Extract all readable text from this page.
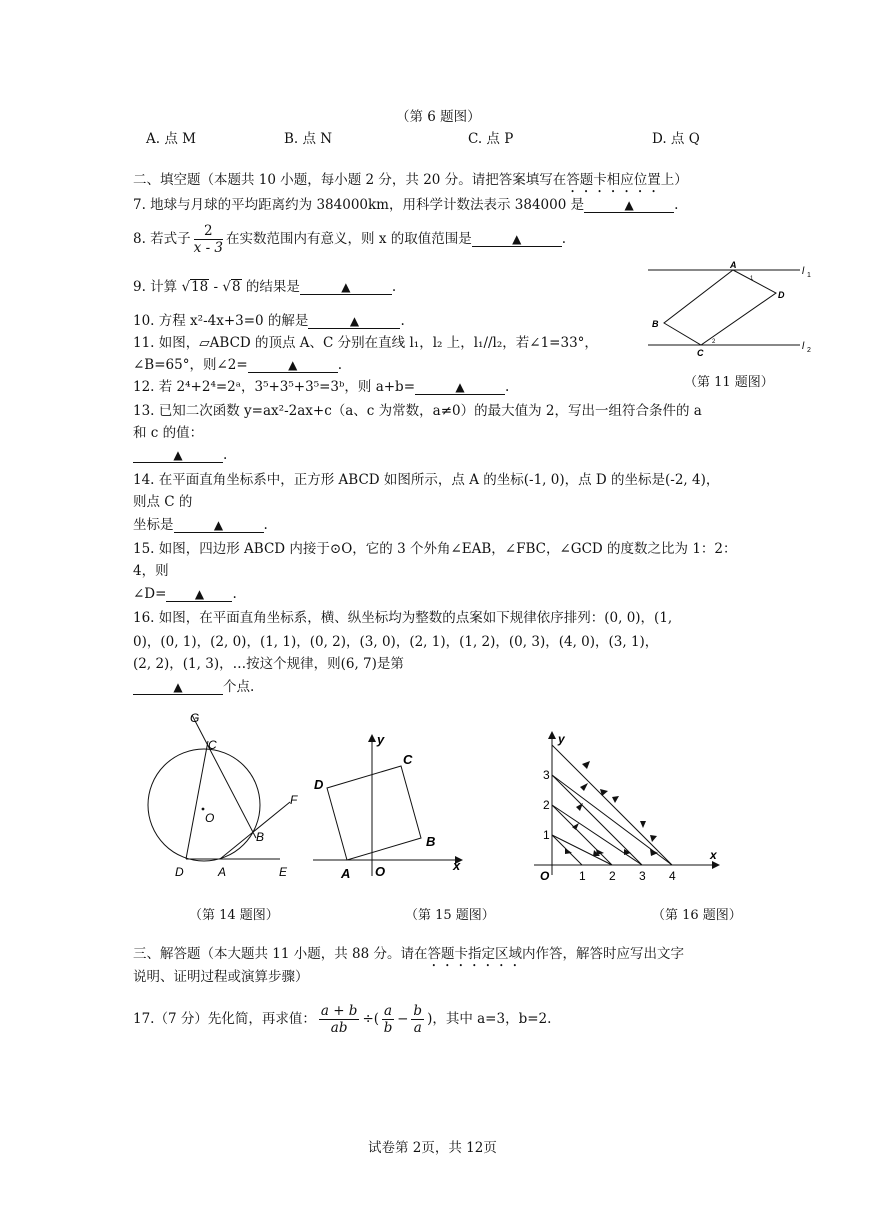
（第 6 题图）
A. 点 M	B. 点 N	C. 点 P	D. 点 Q
二、填空题（本题共 10 小题，每小题 2 分，共 20 分。请把答案填写在答题卡相应位置上）
7. 地球与月球的平均距离约为 384000km，用科学计数法表示 384000 是	▲	.
8. 若式子 $\frac{2}{x - 3}$ 在实数范围内有意义，则 x 的取值范围是	▲	.
9. 计算 √18 - √8 的结果是	▲	.
10. 方程 x²-4x+3=0 的解是	▲	.
11. 如图，▱ABCD 的顶点 A、C 分别在直线 l₁，l₂ 上，l₁//l₂，若∠1=33°，
∠B=65°，则∠2=	▲	.
12. 若 2⁴+2⁴=2ᵃ，3⁵+3⁵+3⁵=3ᵇ，则 a+b=	▲	.
13. 已知二次函数 y=ax²-2ax+c（a、c 为常数，a≠0）的最大值为 2，写出一组符合条件的 a
和 c 的值：
▲	.
14. 在平面直角坐标系中，正方形 ABCD 如图所示，点 A 的坐标(-1, 0)，点 D 的坐标是(-2, 4)，
则点 C 的
坐标是	▲	.
15. 如图，四边形 ABCD 内接于⊙O，它的 3 个外角∠EAB，∠FBC，∠GCD 的度数之比为 1：2：
4，则
∠D= ▲ .
16. 如图，在平面直角坐标系，横、纵坐标均为整数的点案如下规律依序排列：(0, 0)，(1,
0)，(0, 1)，(2, 0)，(1, 1)，(0, 2)，(3, 0)，(2, 1)，(1, 2)，(0, 3)，(4, 0)，(3, 1)，
(2, 2)，(1, 3)，…按这个规律，则(6, 7)是第
▲	个点.
A
D
B
C
1
2
l 1
l 2
（第 11 题图）
G
C
F
O
B
D	A	E
（第 14 题图）
y
x
C
D
B
A O
（第 15 题图）
y
x
O 1 2 3 4
1
2
3
（第 16 题图）
三、解答题（本大题共 11 小题，共 88 分。请在答题卡指定区域内作答，解答时应写出文字
说明、证明过程或演算步骤）
17.（7 分）先化简，再求值： $\frac{a + b}{ab}$ ÷( $\frac{a}{b} - \frac{b}{a}$ )，其中 a=3，b=2.
试卷第 2页，共 12页
